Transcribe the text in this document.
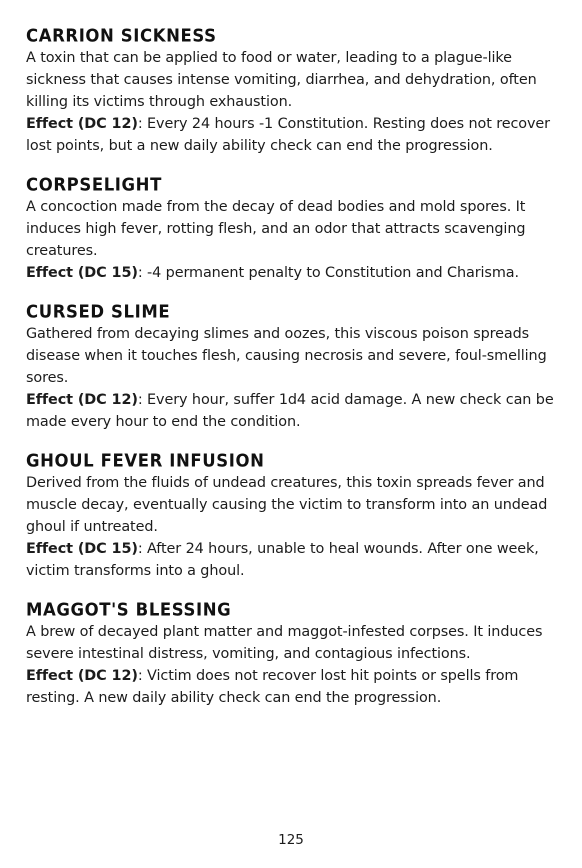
CARRION SICKNESS

A toxin that can be applied to food or water, leading to a plague-like sickness that causes intense vomiting, diarrhea, and dehydration, often killing its victims through exhaustion.

Effect (DC 12): Every 24 hours -1 Constitution. Resting does not recover lost points, but a new daily ability check can end the progression.

CORPSELIGHT

A concoction made from the decay of dead bodies and mold spores. It induces high fever, rotting flesh, and an odor that attracts scavenging creatures.

Effect (DC 15): -4 permanent penalty to Constitution and Charisma.

CURSED SLIME

Gathered from decaying slimes and oozes, this viscous poison spreads disease when it touches flesh, causing necrosis and severe, foul-smelling sores.

Effect (DC 12): Every hour, suffer 1d4 acid damage. A new check can be made every hour to end the condition.

GHOUL FEVER INFUSION

Derived from the fluids of undead creatures, this toxin spreads fever and muscle decay, eventually causing the victim to transform into an undead ghoul if untreated.

Effect (DC 15): After 24 hours, unable to heal wounds. After one week, victim transforms into a ghoul.

MAGGOT'S BLESSING

A brew of decayed plant matter and maggot-infested corpses. It induces severe intestinal distress, vomiting, and contagious infections.

Effect (DC 12): Victim does not recover lost hit points or spells from resting. A new daily ability check can end the progression.

125
